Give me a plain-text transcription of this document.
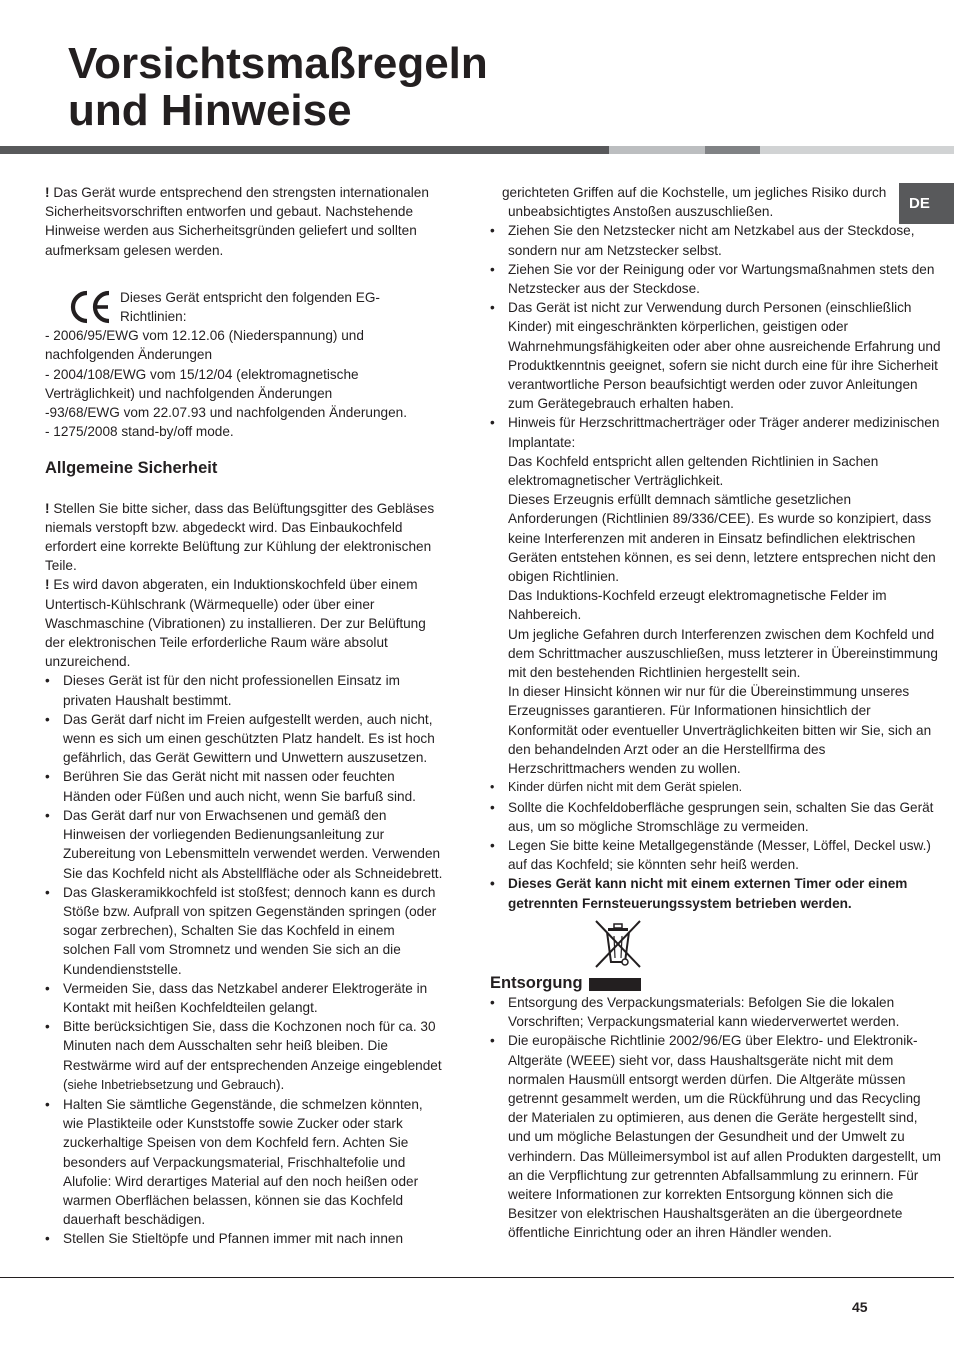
Vorsichtsmaßregeln
und Hinweise
DE

! Das Gerät wurde entsprechend den strengsten internationalen Sicherheitsvorschriften entworfen und gebaut. Nachstehende Hinweise werden aus Sicherheitsgründen geliefert und sollten aufmerksam gelesen werden.

Dieses Gerät entspricht den folgenden EG-Richtlinien:

- 2006/95/EWG vom 12.12.06 (Niederspannung) und nachfolgenden Änderungen

- 2004/108/EWG vom 15/12/04 (elektromagnetische Verträglichkeit) und nachfolgenden Änderungen

-93/68/EWG vom 22.07.93 und nachfolgenden Änderungen.

- 1275/2008 stand-by/off mode.

Allgemeine Sicherheit

! Stellen Sie bitte sicher, dass das Belüftungsgitter des Gebläses niemals verstopft bzw. abgedeckt wird. Das Einbaukochfeld erfordert eine korrekte Belüftung zur Kühlung der elektronischen Teile.

! Es wird davon abgeraten, ein Induktionskochfeld über einem Untertisch-Kühlschrank (Wärmequelle) oder über einer Waschmaschine (Vibrationen) zu installieren. Der zur Belüftung der elektronischen Teile erforderliche Raum wäre absolut unzureichend.

• Dieses Gerät ist für den nicht professionellen Einsatz im privaten Haushalt bestimmt.
• Das Gerät darf nicht im Freien aufgestellt werden, auch nicht, wenn es sich um einen geschützten Platz handelt. Es ist hoch gefährlich, das Gerät Gewittern und Unwettern auszusetzen.
• Berühren Sie das Gerät nicht mit nassen oder feuchten Händen oder Füßen und auch nicht, wenn Sie barfuß sind.
• Das Gerät darf nur von Erwachsenen und gemäß den Hinweisen der vorliegenden Bedienungsanleitung zur Zubereitung von Lebensmitteln verwendet werden. Verwenden Sie das Kochfeld nicht als Abstellfläche oder als Schneidebrett.
• Das Glaskeramikkochfeld ist stoßfest; dennoch kann es durch Stöße bzw. Aufprall von spitzen Gegenständen springen (oder sogar zerbrechen), Schalten Sie das Kochfeld in einem solchen Fall vom Stromnetz und wenden Sie sich an die Kundendienststelle.
• Vermeiden Sie, dass das Netzkabel anderer Elektrogeräte in Kontakt mit heißen Kochfeldteilen gelangt.
• Bitte berücksichtigen Sie, dass die Kochzonen noch für ca. 30 Minuten nach dem Ausschalten sehr heiß bleiben. Die Restwärme wird auf der entsprechenden Anzeige eingeblendet (siehe Inbetriebsetzung und Gebrauch).
• Halten Sie sämtliche Gegenstände, die schmelzen könnten, wie Plastikteile oder Kunststoffe sowie Zucker oder stark zuckerhaltige Speisen von dem Kochfeld fern. Achten Sie besonders auf Verpackungsmaterial, Frischhaltefolie und Alufolie: Wird derartiges Material auf den noch heißen oder warmen Oberflächen belassen, können sie das Kochfeld dauerhaft beschädigen.
• Stellen Sie Stieltöpfe und Pfannen immer mit nach innen

gerichteten Griffen auf die Kochstelle, um jegliches Risiko durch unbeabsichtigtes Anstoßen auszuschließen.

• Ziehen Sie den Netzstecker nicht am Netzkabel aus der Steckdose, sondern nur am Netzstecker selbst.
• Ziehen Sie vor der Reinigung oder vor Wartungsmaßnahmen stets den Netzstecker aus der Steckdose.
• Das Gerät ist nicht zur Verwendung durch Personen (einschließlich Kinder) mit eingeschränkten körperlichen, geistigen oder Wahrnehmungsfähigkeiten oder aber ohne ausreichende Erfahrung und Produktkenntnis geeignet, sofern sie nicht durch eine für ihre Sicherheit verantwortliche Person beaufsichtigt werden oder zuvor Anleitungen zum Gerätegebrauch erhalten haben.

• Hinweis für Herzschrittmacherträger oder Träger anderer medizinischen Implantate:

Das Kochfeld entspricht allen geltenden Richtlinien in Sachen elektromagnetischer Verträglichkeit.

Dieses Erzeugnis erfüllt demnach sämtliche gesetzlichen Anforderungen (Richtlinien 89/336/CEE). Es wurde so konzipiert, dass keine Interferenzen mit anderen in Einsatz befindlichen elektrischen Geräten entstehen können, es sei denn, letztere entsprechen nicht den obigen Richtlinien.

Das Induktions-Kochfeld erzeugt elektromagnetische Felder im Nahbereich.

Um jegliche Gefahren durch Interferenzen zwischen dem Kochfeld und dem Schrittmacher auszuschließen, muss letzterer in Übereinstimmung mit den bestehenden Richtlinien hergestellt sein.

In dieser Hinsicht können wir nur für die Übereinstimmung unseres Erzeugnisses garantieren. Für Informationen hinsichtlich der Konformität oder eventueller Unverträglichkeiten bitten wir Sie, sich an den behandelnden Arzt oder an die Herstellfirma des Herzschrittmachers wenden zu wollen.

• Kinder dürfen nicht mit dem Gerät spielen.
• Sollte die Kochfeldoberfläche gesprungen sein, schalten Sie das Gerät aus, um so mögliche Stromschläge zu vermeiden.
• Legen Sie bitte keine Metallgegenstände (Messer, Löffel, Deckel usw.) auf das Kochfeld; sie könnten sehr heiß werden.
• Dieses Gerät kann nicht mit einem externen Timer oder einem getrennten Fernsteuerungssystem betrieben werden.
Entsorgung
• Entsorgung des Verpackungsmaterials: Befolgen Sie die lokalen Vorschriften; Verpackungsmaterial kann wiederverwertet werden.
• Die europäische Richtlinie 2002/96/EG über Elektro- und Elektronik-Altgeräte (WEEE) sieht vor, dass Haushaltsgeräte nicht mit dem normalen Hausmüll entsorgt werden dürfen. Die Altgeräte müssen getrennt gesammelt werden, um die Rückführung und das Recycling der Materialen zu optimieren, aus denen die Geräte hergestellt sind, und um mögliche Belastungen der Gesundheit und der Umwelt zu verhindern. Das Mülleimersymbol ist auf allen Produkten dargestellt, um an die Verpflichtung zur getrennten Abfallsammlung zu erinnern. Für weitere Informationen zur korrekten Entsorgung können sich die Besitzer von elektrischen Haushaltsgeräten an die übergeordnete öffentliche Einrichtung oder an ihren Händler wenden.
45
